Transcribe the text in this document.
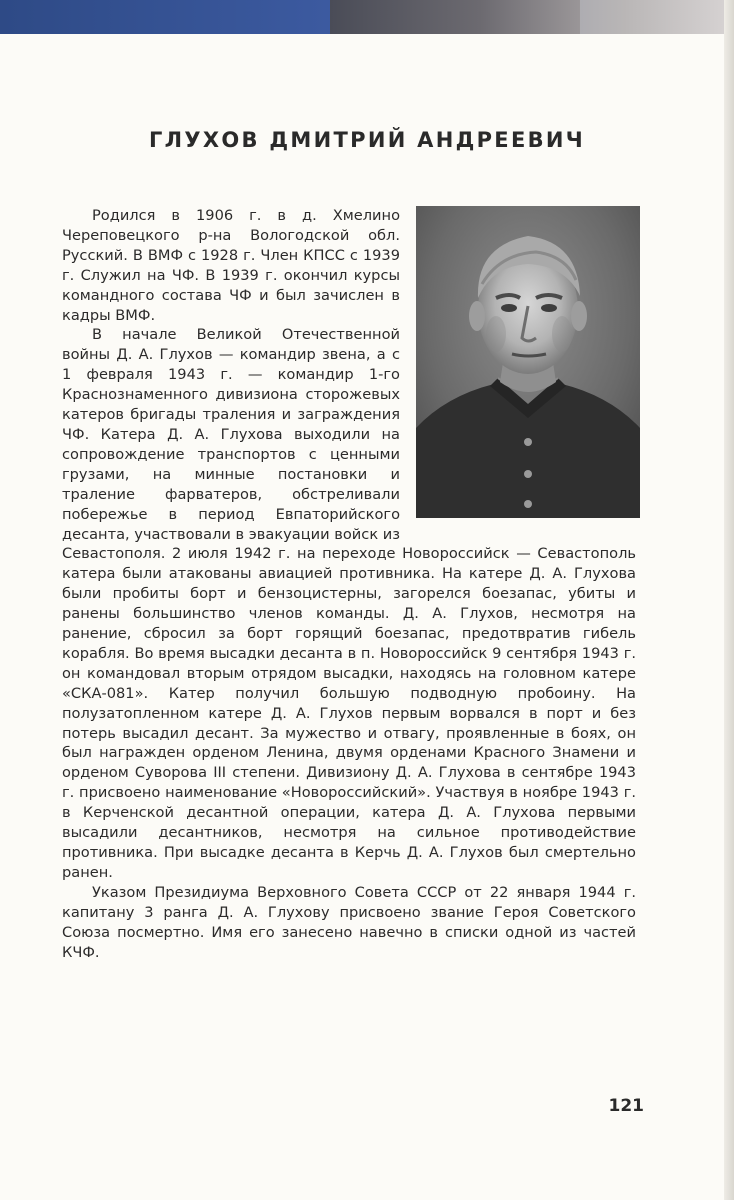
ГЛУХОВ ДМИТРИЙ АНДРЕЕВИЧ

Родился в 1906 г. в д. Хмелино Череповецкого р-на Вологодской обл. Русский. В ВМФ с 1928 г. Член КПСС с 1939 г. Служил на ЧФ. В 1939 г. окончил курсы командного состава ЧФ и был зачислен в кадры ВМФ.

В начале Великой Отечественной войны Д. А. Глухов — командир звена, а с 1 февраля 1943 г. — командир 1-го Краснознаменного дивизиона сторожевых катеров бригады траления и заграждения ЧФ. Катера Д. А. Глухова выходили на сопровождение транспортов с ценными грузами, на минные постановки и траление фарватеров, обстреливали побережье в период Евпаторийского десанта, участвовали в эвакуации войск из Севастополя. 2 июля 1942 г. на переходе Новороссийск — Севастополь катера были атакованы авиацией противника. На катере Д. А. Глухова были пробиты борт и бензоцистерны, загорелся боезапас, убиты и ранены большинство членов команды. Д. А. Глухов, несмотря на ранение, сбросил за борт горящий боезапас, предотвратив гибель корабля. Во время высадки десанта в п. Новороссийск 9 сентября 1943 г. он командовал вторым отрядом высадки, находясь на головном катере «СКА-081». Катер получил большую подводную пробоину. На полузатопленном катере Д. А. Глухов первым ворвался в порт и без потерь высадил десант. За мужество и отвагу, проявленные в боях, он был награжден орденом Ленина, двумя орденами Красного Знамени и орденом Суворова III степени. Дивизиону Д. А. Глухова в сентябре 1943 г. присвоено наименование «Новороссийский». Участвуя в ноябре 1943 г. в Керченской десантной операции, катера Д. А. Глухова первыми высадили десантников, несмотря на сильное противодействие противника. При высадке десанта в Керчь Д. А. Глухов был смертельно ранен.

Указом Президиума Верховного Совета СССР от 22 января 1944 г. капитану 3 ранга Д. А. Глухову присвоено звание Героя Советского Союза посмертно. Имя его занесено навечно в списки одной из частей КЧФ.

121
